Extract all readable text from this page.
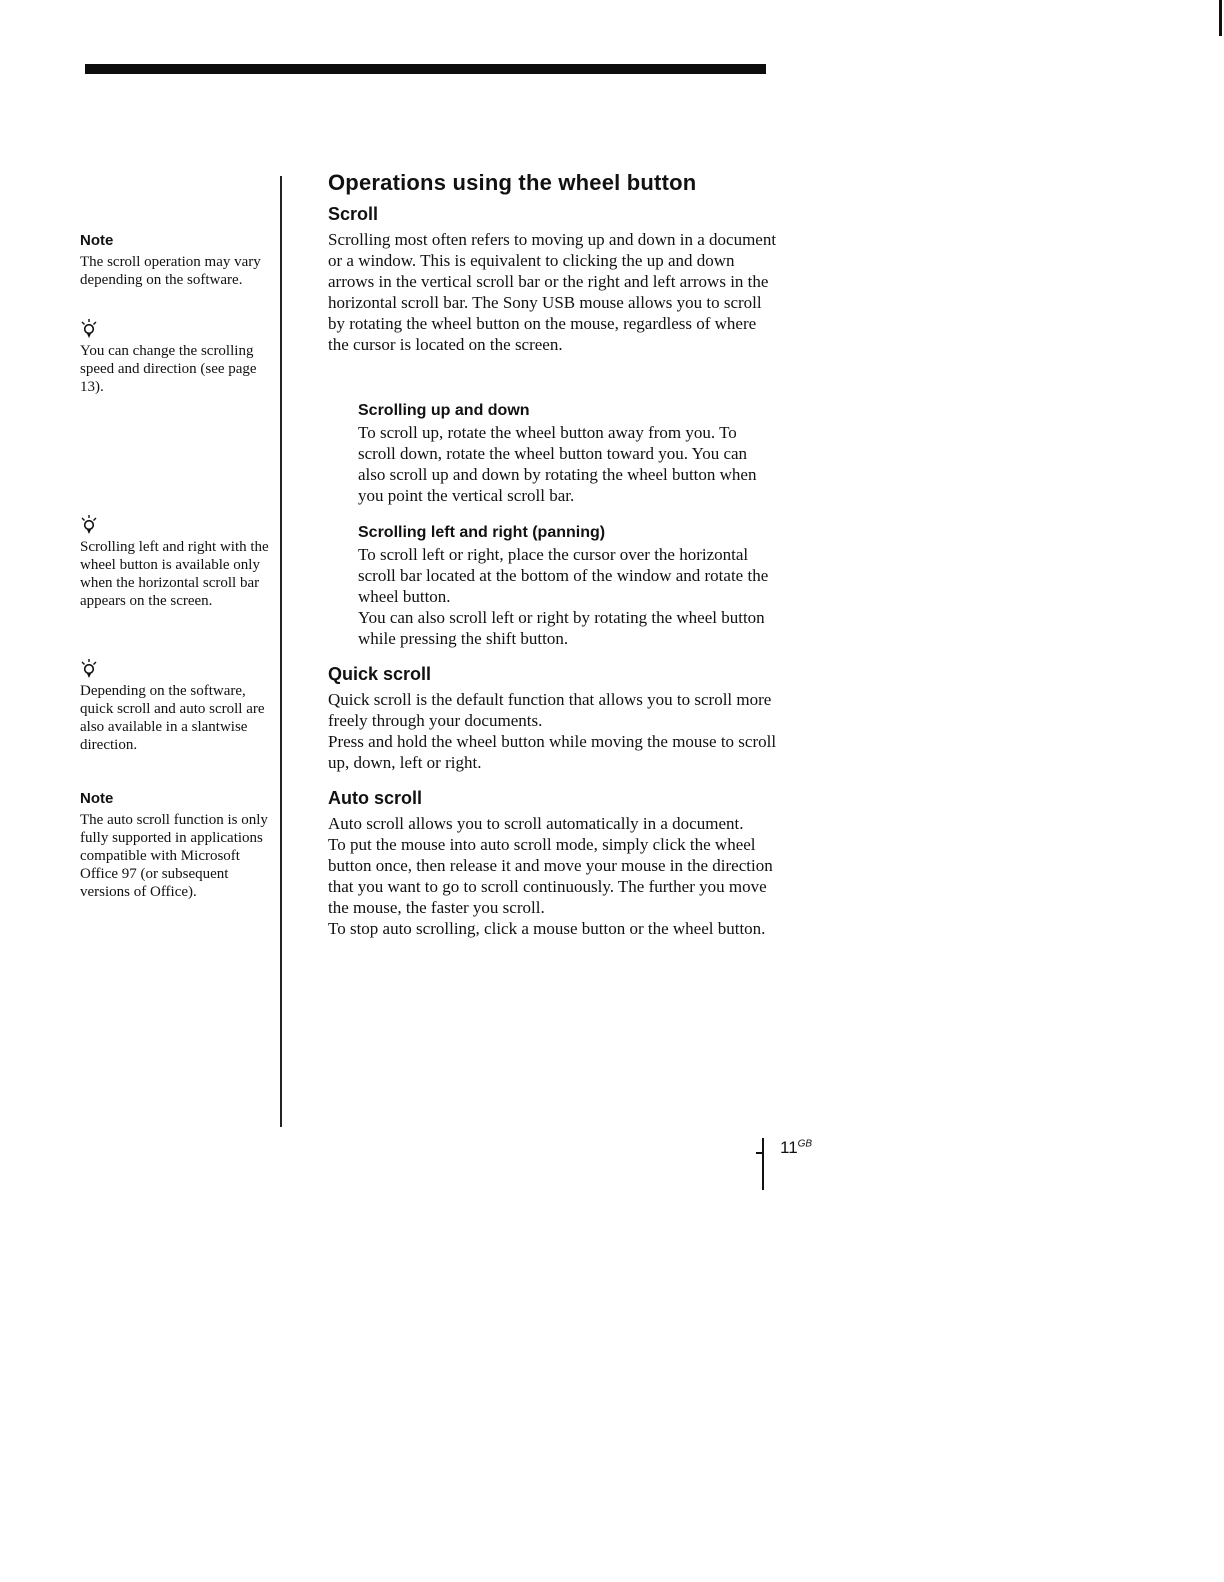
Note

The scroll operation may vary depending on the software.

You can change the scrolling speed and direction (see page 13).

Scrolling left and right with the wheel button is available only when the horizontal scroll bar appears on the screen.

Depending on the software, quick scroll and auto scroll are also available in a slantwise direction.

Note

The auto scroll function is only fully supported in applications compatible with Microsoft Office 97 (or subsequent versions of Office).

Operations using the wheel button
Scroll

Scrolling most often refers to moving up and down in a document or a window. This is equivalent to clicking the up and down arrows in the vertical scroll bar or the right and left arrows in the horizontal scroll bar. The Sony USB mouse allows you to scroll by rotating the wheel button on the mouse, regardless of where the cursor is located on the screen.

Scrolling up and down

To scroll up, rotate the wheel button away from you. To scroll down, rotate the wheel button toward you. You can also scroll up and down by rotating the wheel button when you point the vertical scroll bar.

Scrolling left and right (panning)

To scroll left or right, place the cursor over the horizontal scroll bar located at the bottom of the window and rotate the wheel button.

You can also scroll left or right by rotating the wheel button while pressing the shift button.

Quick scroll

Quick scroll is the default function that allows you to scroll more freely through your documents.

Press and hold the wheel button while moving the mouse to scroll up, down, left or right.

Auto scroll

Auto scroll allows you to scroll automatically in a document.

To put the mouse into auto scroll mode, simply click the wheel button once, then release it and move your mouse in the direction that you want to go to scroll continuously. The further you move the mouse, the faster you scroll.

To stop auto scrolling, click a mouse button or the wheel button.

$11^{GB}$
